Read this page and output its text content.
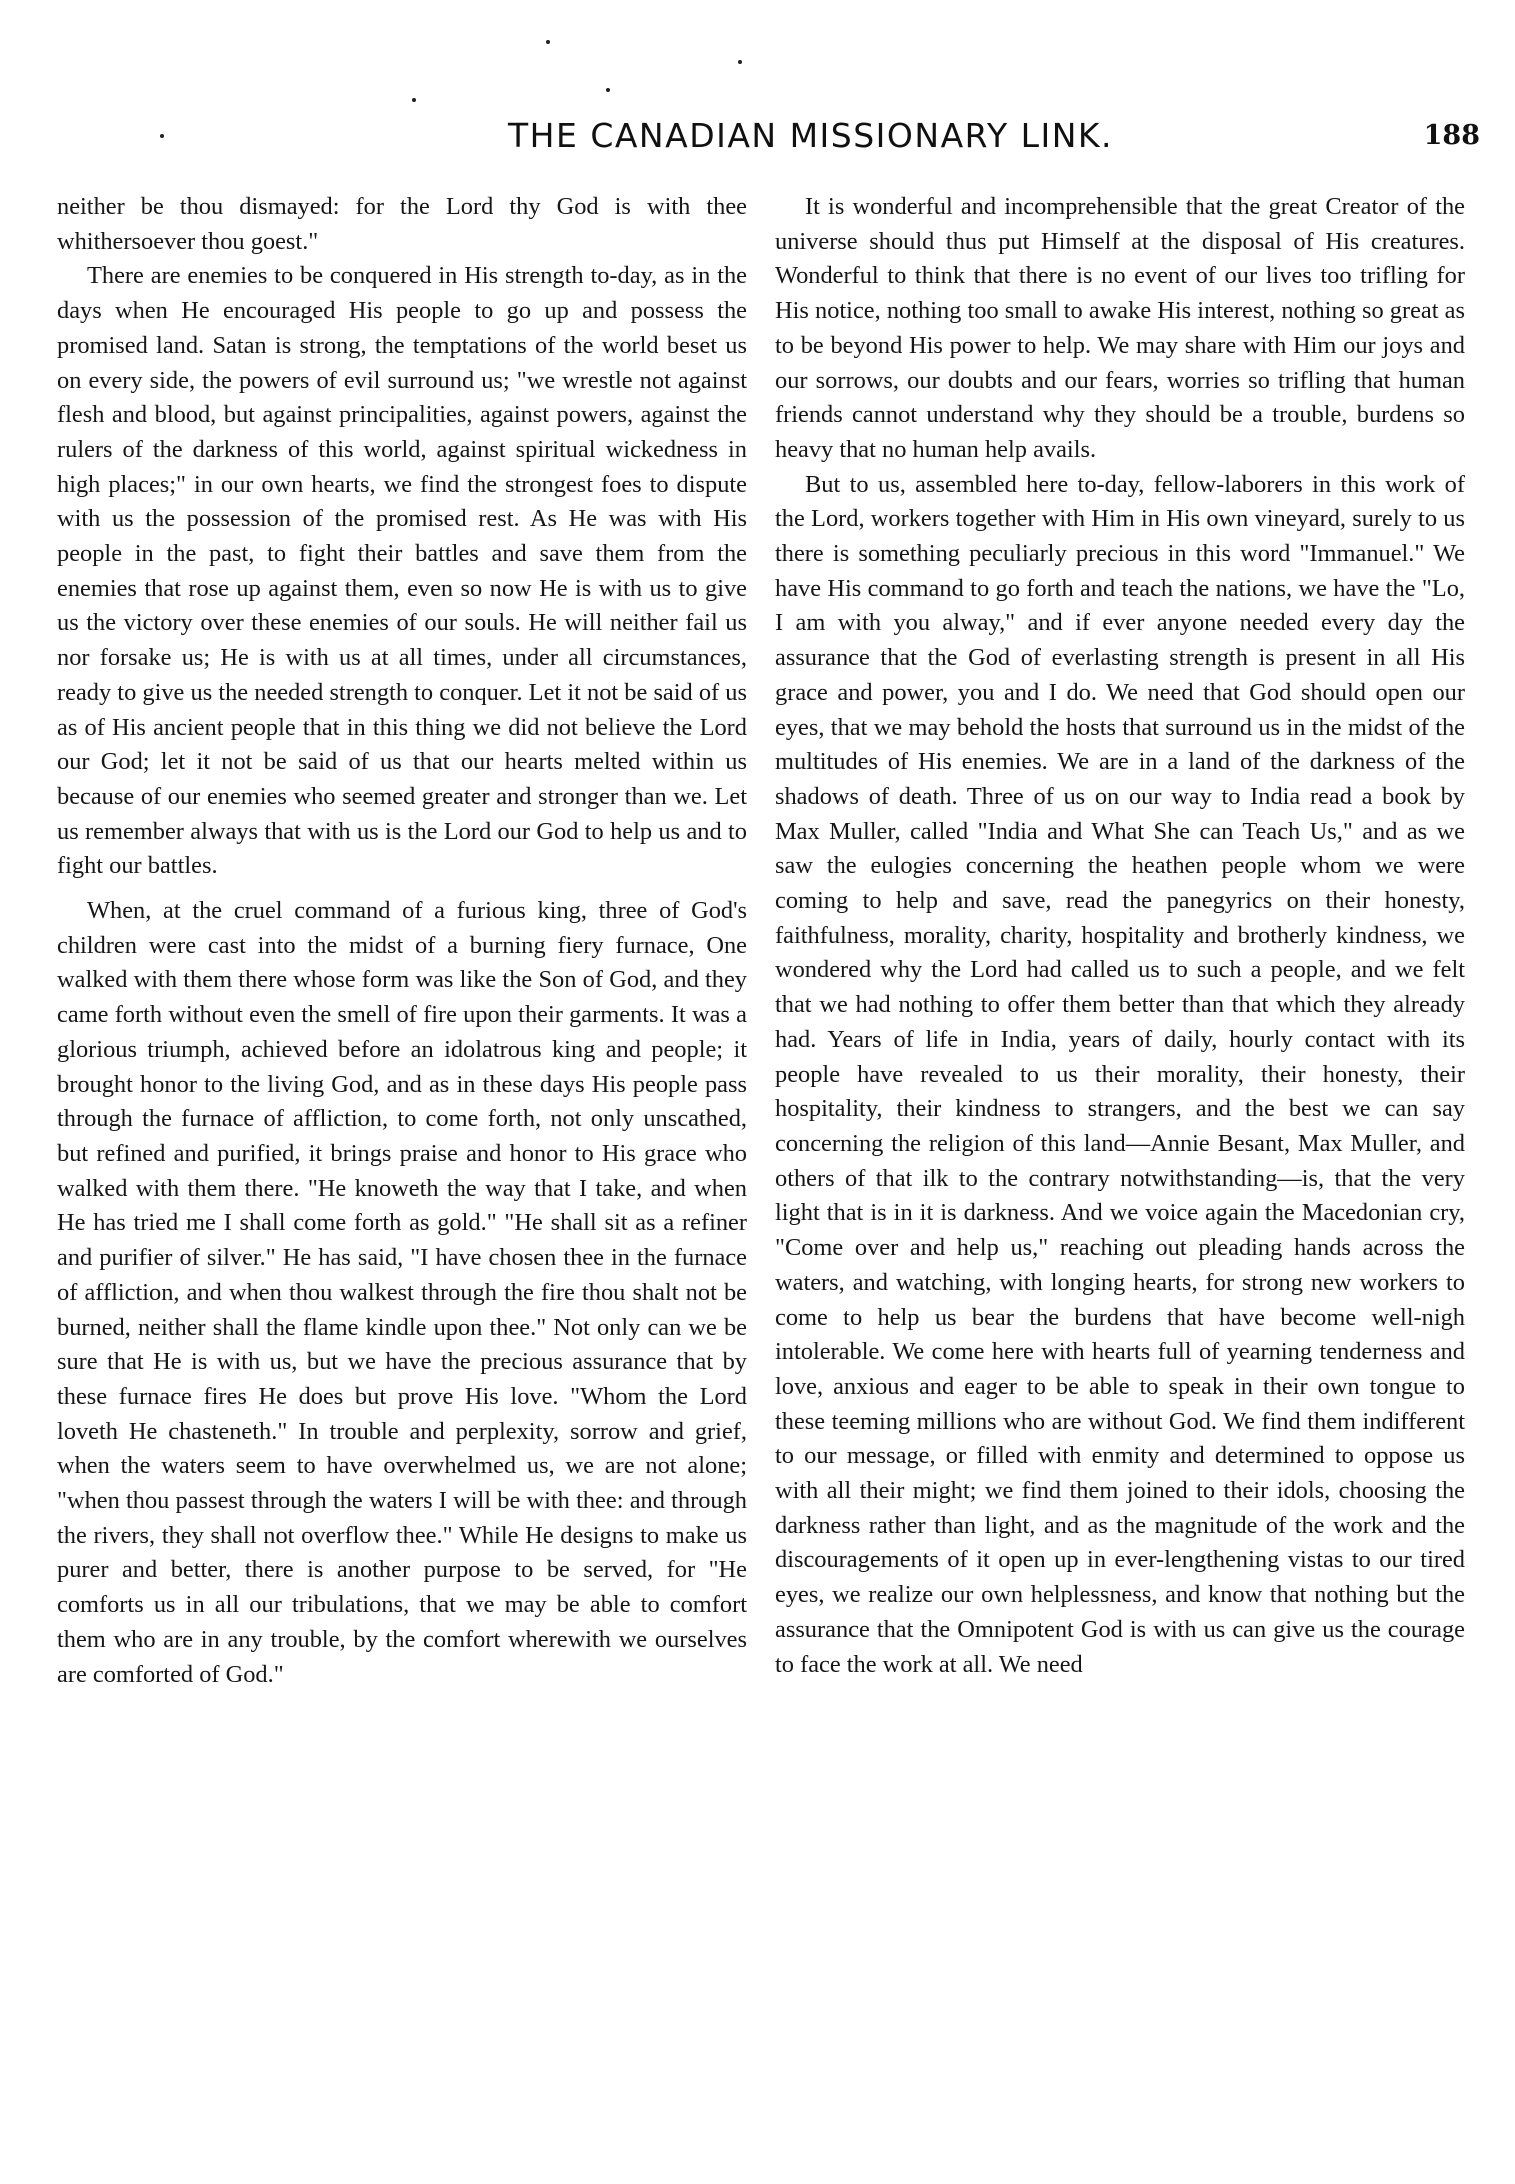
THE CANADIAN MISSIONARY LINK.	188

neither be thou dismayed: for the Lord thy God is with thee whithersoever thou goest."

There are enemies to be conquered in His strength to-day, as in the days when He encouraged His people to go up and possess the promised land. Satan is strong, the temptations of the world beset us on every side, the powers of evil surround us; "we wrestle not against flesh and blood, but against principalities, against powers, against the rulers of the darkness of this world, against spiritual wickedness in high places;" in our own hearts, we find the strongest foes to dispute with us the possession of the promised rest. As He was with His people in the past, to fight their battles and save them from the enemies that rose up against them, even so now He is with us to give us the victory over these enemies of our souls. He will neither fail us nor forsake us; He is with us at all times, under all circumstances, ready to give us the needed strength to conquer. Let it not be said of us as of His ancient people that in this thing we did not believe the Lord our God; let it not be said of us that our hearts melted within us because of our enemies who seemed greater and stronger than we. Let us remember always that with us is the Lord our God to help us and to fight our battles.

When, at the cruel command of a furious king, three of God's children were cast into the midst of a burning fiery furnace, One walked with them there whose form was like the Son of God, and they came forth without even the smell of fire upon their garments. It was a glorious triumph, achieved before an idolatrous king and people; it brought honor to the living God, and as in these days His people pass through the furnace of affliction, to come forth, not only unscathed, but refined and purified, it brings praise and honor to His grace who walked with them there. "He knoweth the way that I take, and when He has tried me I shall come forth as gold." "He shall sit as a refiner and purifier of silver." He has said, "I have chosen thee in the furnace of affliction, and when thou walkest through the fire thou shalt not be burned, neither shall the flame kindle upon thee." Not only can we be sure that He is with us, but we have the precious assurance that by these furnace fires He does but prove His love. "Whom the Lord loveth He chasteneth." In trouble and perplexity, sorrow and grief, when the waters seem to have overwhelmed us, we are not alone; "when thou passest through the waters I will be with thee: and through the rivers, they shall not overflow thee." While He designs to make us purer and better, there is another purpose to be served, for "He comforts us in all our tribulations, that we may be able to comfort them who are in any trouble, by the comfort wherewith we ourselves are comforted of God."

It is wonderful and incomprehensible that the great Creator of the universe should thus put Himself at the disposal of His creatures. Wonderful to think that there is no event of our lives too trifling for His notice, nothing too small to awake His interest, nothing so great as to be beyond His power to help. We may share with Him our joys and our sorrows, our doubts and our fears, worries so trifling that human friends cannot understand why they should be a trouble, burdens so heavy that no human help avails.

But to us, assembled here to-day, fellow-laborers in this work of the Lord, workers together with Him in His own vineyard, surely to us there is something peculiarly precious in this word "Immanuel." We have His command to go forth and teach the nations, we have the "Lo, I am with you alway," and if ever anyone needed every day the assurance that the God of everlasting strength is present in all His grace and power, you and I do. We need that God should open our eyes, that we may behold the hosts that surround us in the midst of the multitudes of His enemies. We are in a land of the darkness of the shadows of death. Three of us on our way to India read a book by Max Muller, called "India and What She can Teach Us," and as we saw the eulogies concerning the heathen people whom we were coming to help and save, read the panegyrics on their honesty, faithfulness, morality, charity, hospitality and brotherly kindness, we wondered why the Lord had called us to such a people, and we felt that we had nothing to offer them better than that which they already had. Years of life in India, years of daily, hourly contact with its people have revealed to us their morality, their honesty, their hospitality, their kindness to strangers, and the best we can say concerning the religion of this land—Annie Besant, Max Muller, and others of that ilk to the contrary notwithstanding—is, that the very light that is in it is darkness. And we voice again the Macedonian cry, "Come over and help us," reaching out pleading hands across the waters, and watching, with longing hearts, for strong new workers to come to help us bear the burdens that have become well-nigh intolerable. We come here with hearts full of yearning tenderness and love, anxious and eager to be able to speak in their own tongue to these teeming millions who are without God. We find them indifferent to our message, or filled with enmity and determined to oppose us with all their might; we find them joined to their idols, choosing the darkness rather than light, and as the magnitude of the work and the discouragements of it open up in ever-lengthening vistas to our tired eyes, we realize our own helplessness, and know that nothing but the assurance that the Omnipotent God is with us can give us the courage to face the work at all. We need
